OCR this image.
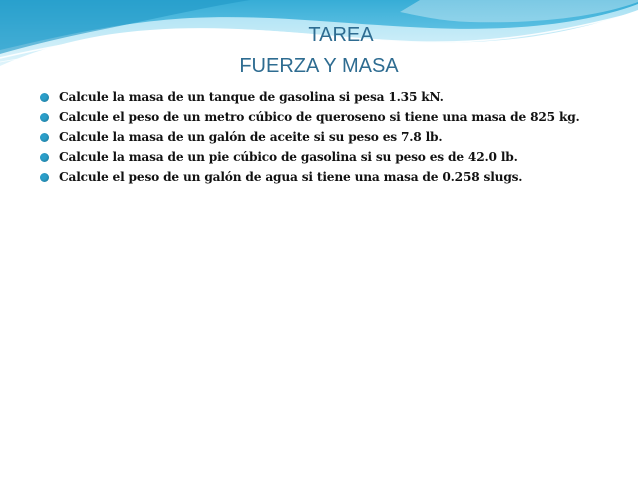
TAREA
FUERZA Y MASA
Calcule la masa de un tanque de gasolina si pesa 1.35 kN.
Calcule el peso de un metro cúbico de queroseno si tiene una masa de 825 kg.
Calcule la masa de un galón de aceite si su peso es 7.8 lb.
Calcule la masa de un pie cúbico de gasolina si su peso es de 42.0 lb.
Calcule el peso de un galón de agua si tiene una masa de 0.258 slugs.
